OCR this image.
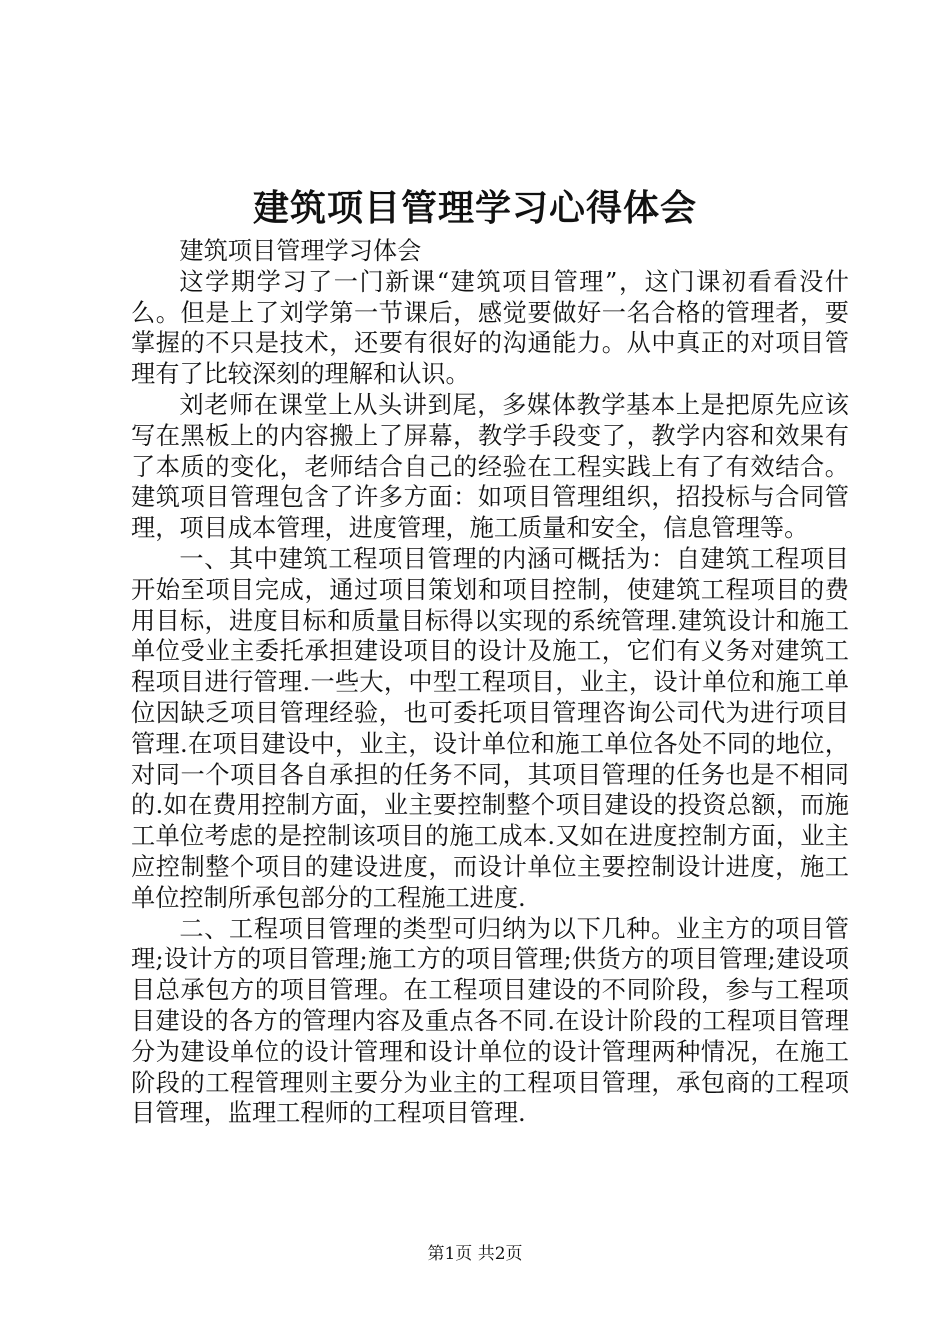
建筑项目管理学习心得体会

建筑项目管理学习体会

这学期学习了一门新课“建筑项目管理”，这门课初看看没什么。但是上了刘学第一节课后，感觉要做好一名合格的管理者，要掌握的不只是技术，还要有很好的沟通能力。从中真正的对项目管理有了比较深刻的理解和认识。

刘老师在课堂上从头讲到尾，多媒体教学基本上是把原先应该写在黑板上的内容搬上了屏幕，教学手段变了，教学内容和效果有了本质的变化，老师结合自己的经验在工程实践上有了有效结合。建筑项目管理包含了许多方面：如项目管理组织，招投标与合同管理，项目成本管理，进度管理，施工质量和安全，信息管理等。

一、其中建筑工程项目管理的内涵可概括为：自建筑工程项目开始至项目完成，通过项目策划和项目控制，使建筑工程项目的费用目标，进度目标和质量目标得以实现的系统管理.建筑设计和施工单位受业主委托承担建设项目的设计及施工，它们有义务对建筑工程项目进行管理.一些大，中型工程项目，业主，设计单位和施工单位因缺乏项目管理经验，也可委托项目管理咨询公司代为进行项目管理.在项目建设中，业主，设计单位和施工单位各处不同的地位，对同一个项目各自承担的任务不同，其项目管理的任务也是不相同的.如在费用控制方面，业主要控制整个项目建设的投资总额，而施工单位考虑的是控制该项目的施工成本.又如在进度控制方面，业主应控制整个项目的建设进度，而设计单位主要控制设计进度，施工单位控制所承包部分的工程施工进度.

二、工程项目管理的类型可归纳为以下几种。业主方的项目管理;设计方的项目管理;施工方的项目管理;供货方的项目管理;建设项目总承包方的项目管理。在工程项目建设的不同阶段，参与工程项目建设的各方的管理内容及重点各不同.在设计阶段的工程项目管理分为建设单位的设计管理和设计单位的设计管理两种情况，在施工阶段的工程管理则主要分为业主的工程项目管理，承包商的工程项目管理，监理工程师的工程项目管理.

第1页 共2页
